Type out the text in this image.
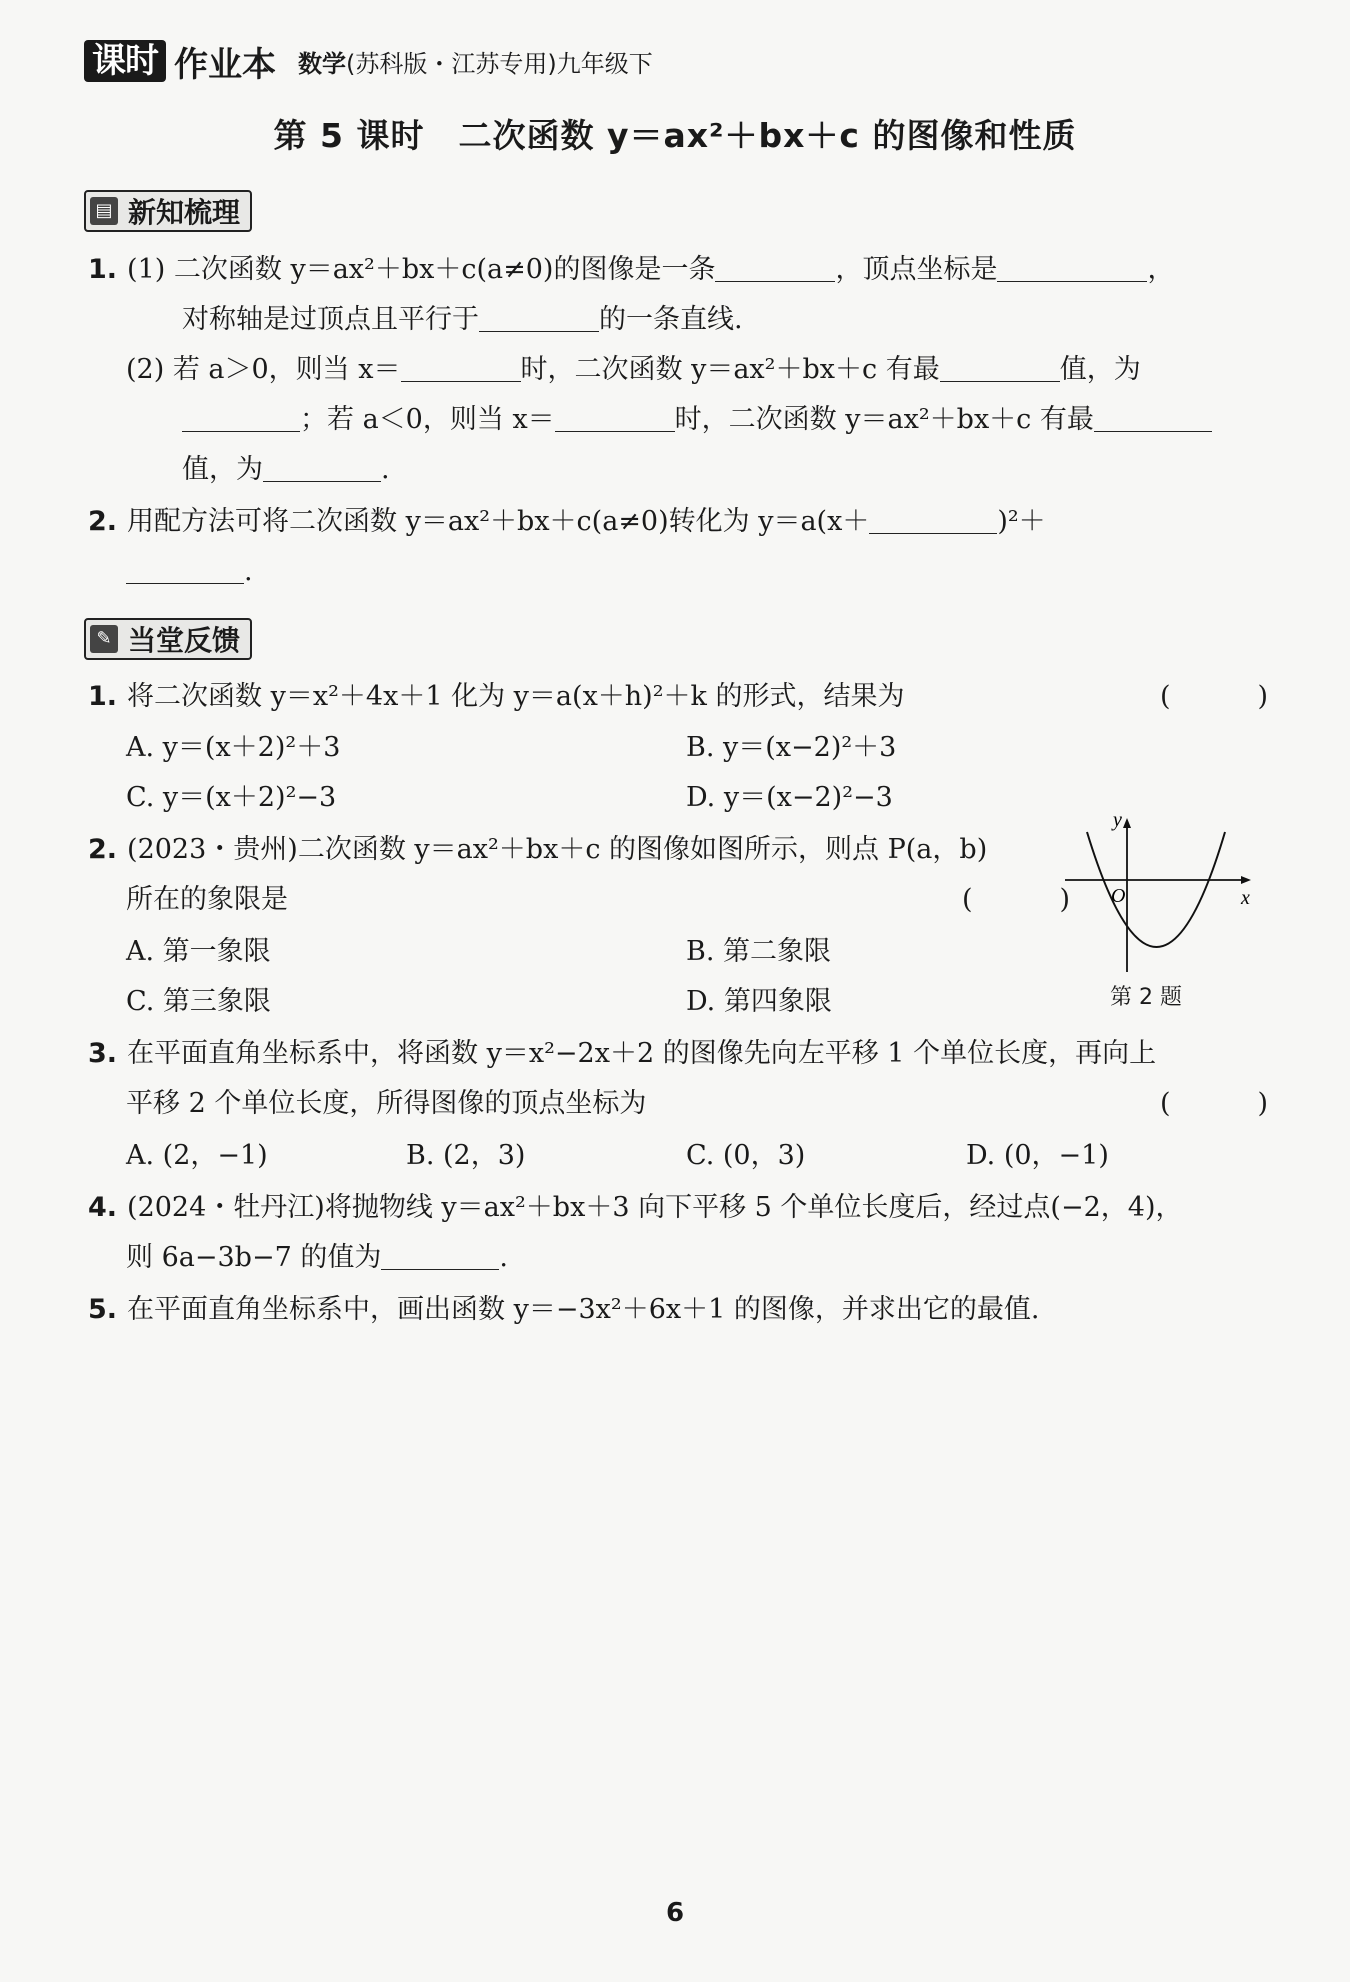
课时 作业本 数学(苏科版・江苏专用)九年级下
第 5 课时　二次函数 y＝ax²＋bx＋c 的图像和性质
▤ 新知梳理
1. (1) 二次函数 y＝ax²＋bx＋c(a≠0)的图像是一条	，顶点坐标是	，
对称轴是过顶点且平行于	的一条直线.
(2) 若 a＞0，则当 x＝	时，二次函数 y＝ax²＋bx＋c 有最	值，为
；若 a＜0，则当 x＝	时，二次函数 y＝ax²＋bx＋c 有最
值，为	.
2. 用配方法可将二次函数 y＝ax²＋bx＋c(a≠0)转化为 y＝a(x＋	)²＋
.
✎ 当堂反馈
1. 将二次函数 y＝x²＋4x＋1 化为 y＝a(x＋h)²＋k 的形式，结果为	(　)
A. y＝(x＋2)²＋3	B. y＝(x−2)²＋3
C. y＝(x＋2)²−3	D. y＝(x−2)²−3
2. (2023・贵州)二次函数 y＝ax²＋bx＋c 的图像如图所示，则点 P(a，b)
所在的象限是	(　)
A. 第一象限	B. 第二象限
C. 第三象限	D. 第四象限
y
x
O
第 2 题
3. 在平面直角坐标系中，将函数 y＝x²−2x＋2 的图像先向左平移 1 个单位长度，再向上
平移 2 个单位长度，所得图像的顶点坐标为	(　)
A. (2，−1)	B. (2，3)	C. (0，3)	D. (0，−1)
4. (2024・牡丹江)将抛物线 y＝ax²＋bx＋3 向下平移 5 个单位长度后，经过点(−2，4)，
则 6a−3b−7 的值为	.
5. 在平面直角坐标系中，画出函数 y＝−3x²＋6x＋1 的图像，并求出它的最值.
6
